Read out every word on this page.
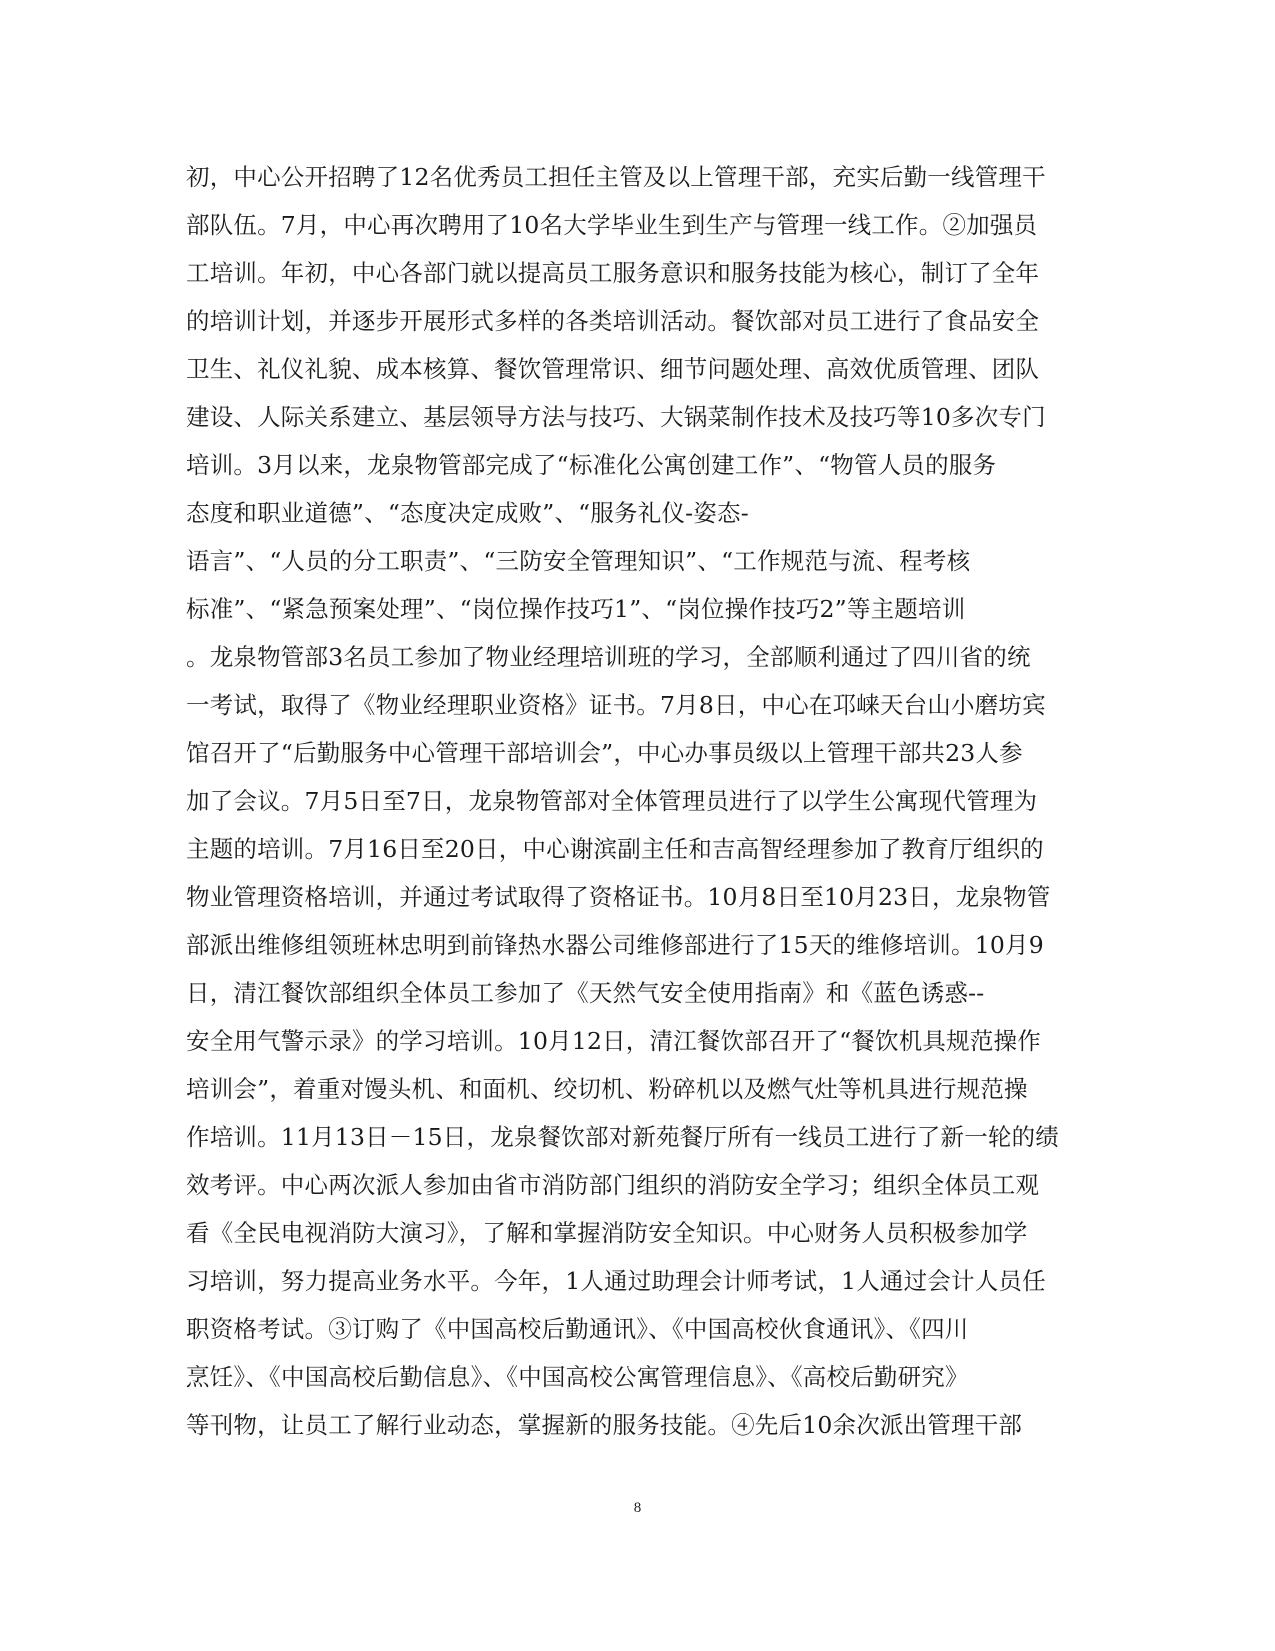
初，中心公开招聘了12名优秀员工担任主管及以上管理干部，充实后勤一线管理干
部队伍。7月，中心再次聘用了10名大学毕业生到生产与管理一线工作。②加强员
工培训。年初，中心各部门就以提高员工服务意识和服务技能为核心，制订了全年
的培训计划，并逐步开展形式多样的各类培训活动。餐饮部对员工进行了食品安全
卫生、礼仪礼貌、成本核算、餐饮管理常识、细节问题处理、高效优质管理、团队
建设、人际关系建立、基层领导方法与技巧、大锅菜制作技术及技巧等10多次专门
培训。3月以来，龙泉物管部完成了“标准化公寓创建工作”、“物管人员的服务
态度和职业道德”、“态度决定成败”、“服务礼仪-姿态-
语言”、“人员的分工职责”、“三防安全管理知识”、“工作规范与流、程考核
标准”、“紧急预案处理”、“岗位操作技巧1”、“岗位操作技巧2”等主题培训
。龙泉物管部3名员工参加了物业经理培训班的学习，全部顺利通过了四川省的统
一考试，取得了《物业经理职业资格》证书。7月8日，中心在邛崃天台山小磨坊宾
馆召开了“后勤服务中心管理干部培训会”，中心办事员级以上管理干部共23人参
加了会议。7月5日至7日，龙泉物管部对全体管理员进行了以学生公寓现代管理为
主题的培训。7月16日至20日，中心谢滨副主任和吉高智经理参加了教育厅组织的
物业管理资格培训，并通过考试取得了资格证书。10月8日至10月23日，龙泉物管
部派出维修组领班林忠明到前锋热水器公司维修部进行了15天的维修培训。10月9
日，清江餐饮部组织全体员工参加了《天然气安全使用指南》和《蓝色诱惑--
安全用气警示录》的学习培训。10月12日，清江餐饮部召开了“餐饮机具规范操作
培训会”，着重对馒头机、和面机、绞切机、粉碎机以及燃气灶等机具进行规范操
作培训。11月13日－15日，龙泉餐饮部对新苑餐厅所有一线员工进行了新一轮的绩
效考评。中心两次派人参加由省市消防部门组织的消防安全学习；组织全体员工观
看《全民电视消防大演习》，了解和掌握消防安全知识。中心财务人员积极参加学
习培训，努力提高业务水平。今年，1人通过助理会计师考试，1人通过会计人员任
职资格考试。③订购了《中国高校后勤通讯》、《中国高校伙食通讯》、《四川
烹饪》、《中国高校后勤信息》、《中国高校公寓管理信息》、《高校后勤研究》
等刊物，让员工了解行业动态，掌握新的服务技能。④先后10余次派出管理干部
8
